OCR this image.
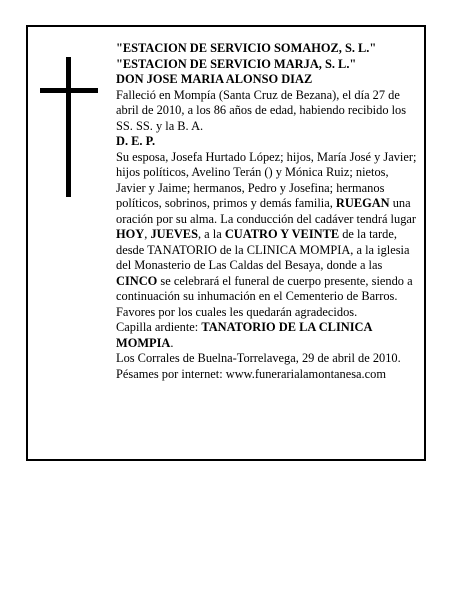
"ESTACION DE SERVICIO SOMAHOZ, S. L."

"ESTACION DE SERVICIO MARJA, S. L."

DON JOSE MARIA ALONSO DIAZ

Falleció en Mompía (Santa Cruz de Bezana), el día 27 de abril de 2010, a los 86 años de edad, habiendo recibido los SS. SS. y la B. A.

D. E. P.

Su esposa, Josefa Hurtado López; hijos, María José y Javier; hijos políticos, Avelino Terán () y Mónica Ruiz; nietos, Javier y Jaime; hermanos, Pedro y Josefina; hermanos políticos, sobrinos, primos y demás familia, RUEGAN una oración por su alma. La conducción del cadáver tendrá lugar HOY, JUEVES, a la CUATRO Y VEINTE de la tarde, desde TANATORIO de la CLINICA MOMPIA, a la iglesia del Monasterio de Las Caldas del Besaya, donde a las CINCO se celebrará el funeral de cuerpo presente, siendo a continuación su inhumación en el Cementerio de Barros. Favores por los cuales les quedarán agradecidos.

Capilla ardiente: TANATORIO DE LA CLINICA MOMPIA.

Los Corrales de Buelna-Torrelavega, 29 de abril de 2010.

Pésames por internet: www.funerarialamontanesa.com
